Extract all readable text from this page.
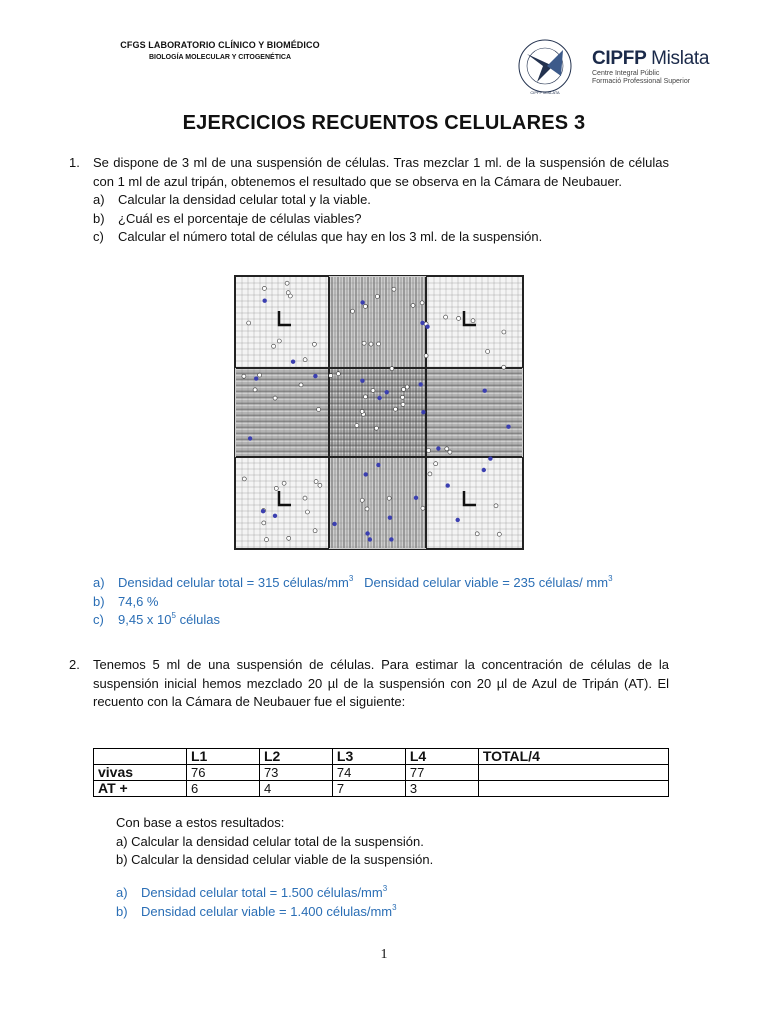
CFGS LABORATORIO CLÍNICO Y BIOMÉDICO
BIOLOGÍA MOLECULAR Y CITOGENÉTICA
CIPFP MISLATA
CIPFP Mislata
Centre Integral Públic
Formació Professional Superior
EJERCICIOS RECUENTOS CELULARES 3
1. Se dispone de 3 ml de una suspensión de células. Tras mezclar 1 ml. de la suspensión de células con 1 ml de azul tripán, obtenemos el resultado que se observa en la Cámara de Neubauer.
a) Calcular la densidad celular total y la viable.
b) ¿Cuál es el porcentaje de células viables?
c) Calcular el número total de células que hay en los 3 ml. de la suspensión.
a) Densidad celular total = 315 células/$mm^3$ Densidad celular viable = 235 células/ $mm^3$
b) 74,6 %
c) 9,45 x $10^5$ células
2. Tenemos 5 ml de una suspensión de células. Para estimar la concentración de células de la suspensión inicial hemos mezclado 20 µl de la suspensión con 20 µl de Azul de Tripán (AT). El recuento con la Cámara de Neubauer fue el siguiente:
	L1	L2	L3	L4	TOTAL/4
vivas	76	73	74	77	
AT +	6	4	7	3	
Con base a estos resultados:
a) Calcular la densidad celular total de la suspensión.
b) Calcular la densidad celular viable de la suspensión.
a) Densidad celular total = 1.500 células/$mm^3$
b) Densidad celular viable = 1.400 células/$mm^3$
1
